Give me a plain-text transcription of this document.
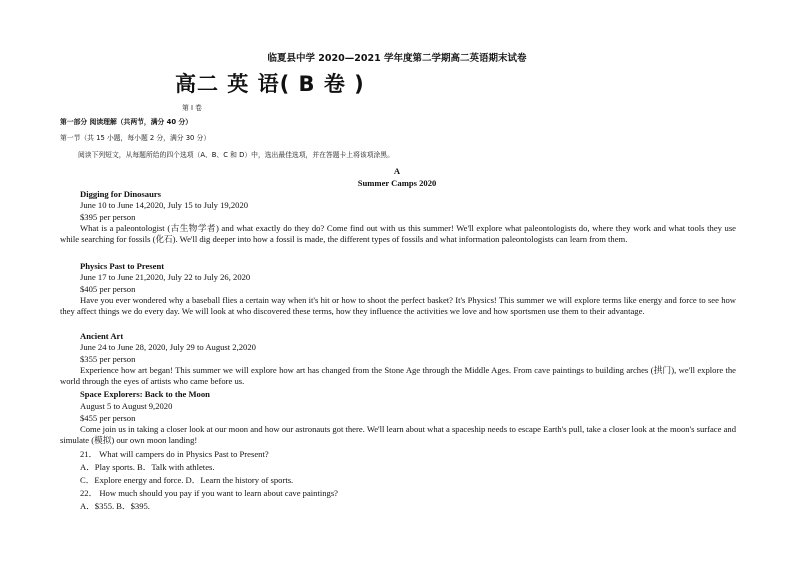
临夏县中学 2020—2021 学年度第二学期高二英语期末试卷
高二 英 语( B 卷 )
第 I 卷
第一部分 阅读理解（共两节，满分 40 分）
第一节（共 15 小题，每小题 2 分，满分 30 分）
阅读下列短文，从每题所给的四个选项（A、B、C 和 D）中，选出最佳选项，并在答题卡上将该项涂黑。
A
Summer Camps 2020
Digging for Dinosaurs
June 10 to June 14,2020, July 15 to July 19,2020
$395 per person
What is a paleontologist (古生物学者) and what exactly do they do? Come find out with us this summer! We'll explore what paleontologists do, where they work and what tools they use while searching for fossils (化石). We'll dig deeper into how a fossil is made, the different types of fossils and what information paleontologists can learn from them.
Physics Past to Present
June 17 to June 21,2020, July 22 to July 26, 2020
$405 per person
Have you ever wondered why a baseball flies a certain way when it's hit or how to shoot the perfect basket? It's Physics! This summer we will explore terms like energy and force to see how they affect things we do every day. We will look at who discovered these terms, how they influence the activities we love and how sportsmen use them to their advantage.
Ancient Art
June 24 to June 28, 2020, July 29 to August 2,2020
$355 per person
Experience how art began! This summer we will explore how art has changed from the Stone Age through the Middle Ages. From cave paintings to building arches (拱门), we'll explore the world through the eyes of artists who came before us.
Space Explorers: Back to the Moon
August 5 to August 9,2020
$455 per person
Come join us in taking a closer look at our moon and how our astronauts got there. We'll learn about what a spaceship needs to escape Earth's pull, take a closer look at the moon's surface and simulate (模拟) our own moon landing!
21． What will campers do in Physics Past to Present?
A．Play sports. B．Talk with athletes.
C．Explore energy and force. D．Learn the history of sports.
22． How much should you pay if you want to learn about cave paintings?
A．$355. B．$395.
